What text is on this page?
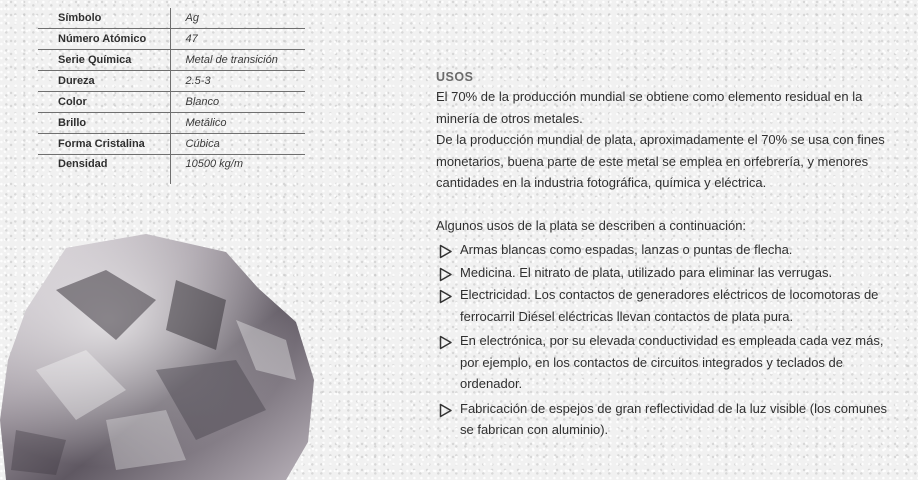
Símbolo	Ag
Número Atómico	47
Serie Química	Metal de transición
Dureza	2.5-3
Color	Blanco
Brillo	Metálico
Forma Cristalina	Cúbica
Densidad	10500 kg/m
USOS

El 70% de la producción mundial se obtiene como elemento residual en la minería de otros metales.

De la producción mundial de plata, aproximadamente el 70% se usa con fines monetarios, buena parte de este metal se emplea en orfebrería, y menores cantidades en la industria fotográfica, química y eléctrica.

Algunos usos de la plata se describen a continuación:

Armas blancas como espadas, lanzas o puntas de flecha.
Medicina. El nitrato de plata, utilizado para eliminar las verrugas.
Electricidad. Los contactos de generadores eléctricos de locomotoras de ferrocarril Diésel eléctricas llevan contactos de plata pura.
En electrónica, por su elevada conductividad es empleada cada vez más, por ejemplo, en los contactos de circuitos integrados y teclados de ordenador.
Fabricación de espejos de gran reflectividad de la luz visible (los comunes se fabrican con aluminio).
